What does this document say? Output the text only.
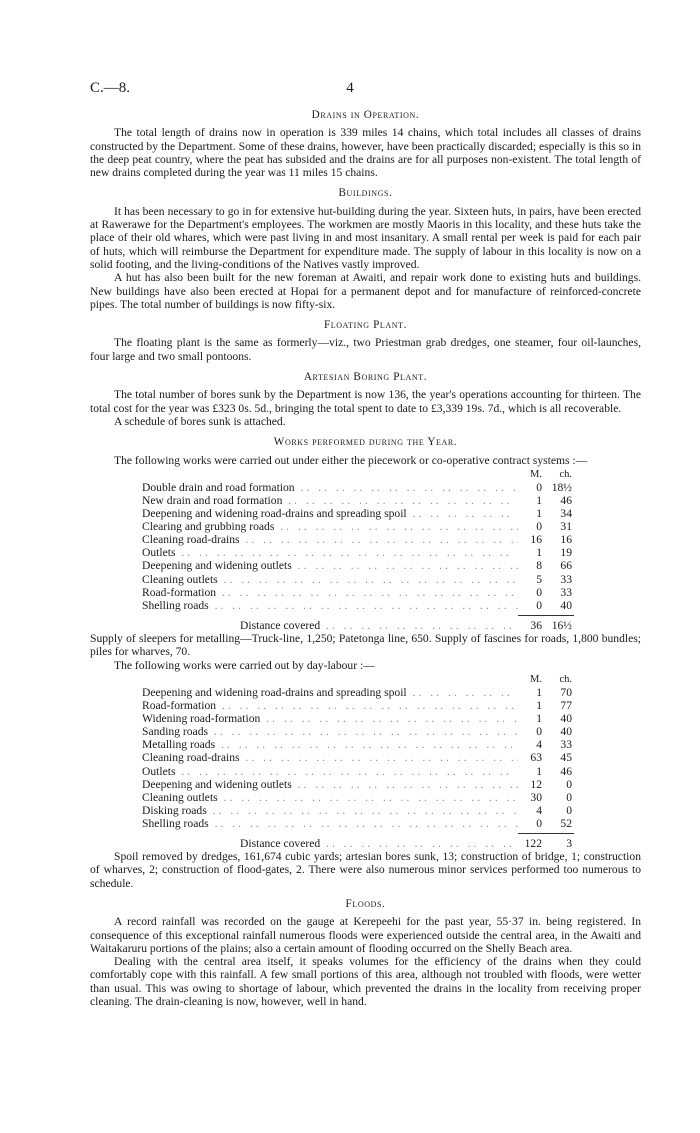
C.—8.	4
Drains in Operation.

The total length of drains now in operation is 339 miles 14 chains, which total includes all classes of drains constructed by the Department. Some of these drains, however, have been practically discarded; especially is this so in the deep peat country, where the peat has subsided and the drains are for all purposes non-existent. The total length of new drains completed during the year was 11 miles 15 chains.

Buildings.

It has been necessary to go in for extensive hut-building during the year. Sixteen huts, in pairs, have been erected at Rawerawe for the Department's employees. The workmen are mostly Maoris in this locality, and these huts take the place of their old whares, which were past living in and most insanitary. A small rental per week is paid for each pair of huts, which will reimburse the Department for expenditure made. The supply of labour in this locality is now on a solid footing, and the living-conditions of the Natives vastly improved.

A hut has also been built for the new foreman at Awaiti, and repair work done to existing huts and buildings. New buildings have also been erected at Hopai for a permanent depot and for manufacture of reinforced-concrete pipes. The total number of buildings is now fifty-six.

Floating Plant.

The floating plant is the same as formerly—viz., two Priestman grab dredges, one steamer, four oil-launches, four large and two small pontoons.

Artesian Boring Plant.

The total number of bores sunk by the Department is now 136, the year's operations accounting for thirteen. The total cost for the year was £323 0s. 5d., bringing the total spent to date to £3,339 19s. 7d., which is all recoverable.

A schedule of bores sunk is attached.

Works performed during the Year.

The following works were carried out under either the piecework or co-operative contract systems :—

M.	ch.
Double drain and road formation .. ..	0 18½
New drain and road formation .. ..	1	46
Deepening and widening road-drains and spreading spoil .. ..	1	34
Clearing and grubbing roads .. ..	0	31
Cleaning road-drains .. ..	16	16
Outlets .. ..	1	19
Deepening and widening outlets .. ..	8	66
Cleaning outlets .. ..	5	33
Road-formation .. ..	0	33
Shelling roads .. ..	0	40
Distance covered .. ..	36 16½

Supply of sleepers for metalling—Truck-line, 1,250; Patetonga line, 650. Supply of fascines for roads, 1,800 bundles; piles for wharves, 70.

The following works were carried out by day-labour :—

M.	ch.
Deepening and widening road-drains and spreading spoil .. ..	1	70
Road-formation .. ..	1	77
Widening road-formation .. ..	1	40
Sanding roads .. ..	0	40
Metalling roads .. ..	4	33
Cleaning road-drains .. ..	63	45
Outlets .. ..	1	46
Deepening and widening outlets .. ..	12	0
Cleaning outlets .. ..	30	0
Disking roads .. ..	4	0
Shelling roads .. ..	0	52
Distance covered .. ..	122	3

Spoil removed by dredges, 161,674 cubic yards; artesian bores sunk, 13; construction of bridge, 1; construction of wharves, 2; construction of flood-gates, 2. There were also numerous minor services performed too numerous to schedule.

Floods.

A record rainfall was recorded on the gauge at Kerepeehi for the past year, 55·37 in. being registered. In consequence of this exceptional rainfall numerous floods were experienced outside the central area, in the Awaiti and Waitakaruru portions of the plains; also a certain amount of flooding occurred on the Shelly Beach area.

Dealing with the central area itself, it speaks volumes for the efficiency of the drains when they could comfortably cope with this rainfall. A few small portions of this area, although not troubled with floods, were wetter than usual. This was owing to shortage of labour, which prevented the drains in the locality from receiving proper cleaning. The drain-cleaning is now, however, well in hand.
